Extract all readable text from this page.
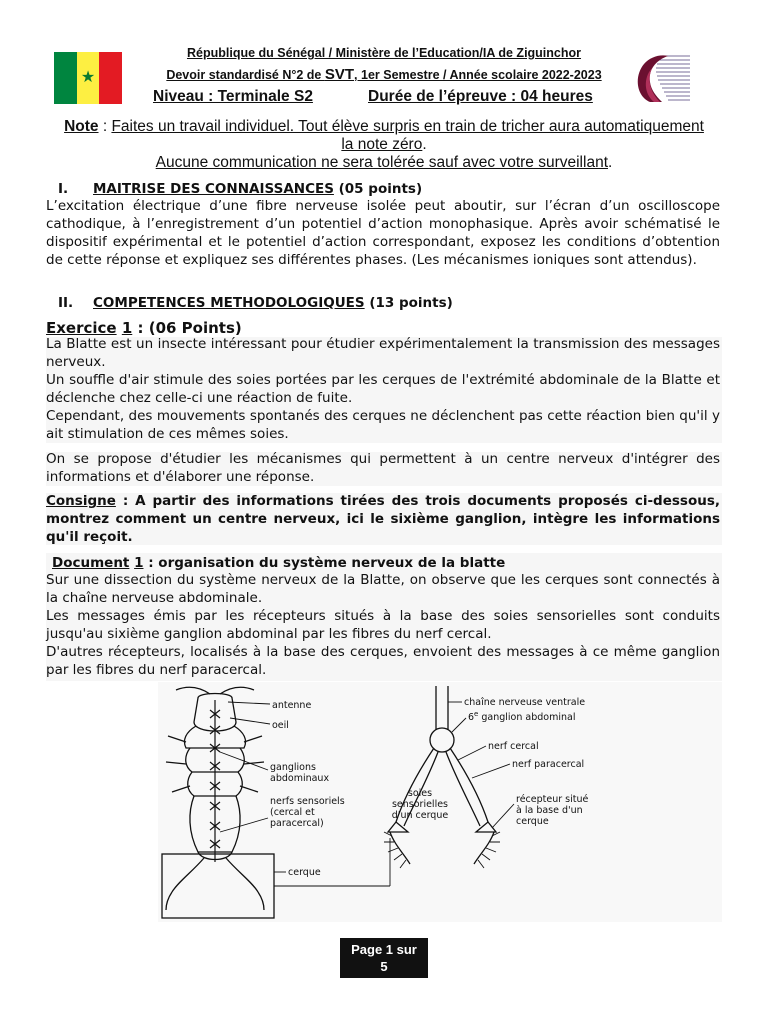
★
République du Sénégal / Ministère de l’Education/IA de Ziguinchor
Devoir standardisé N°2 de SVT, 1er Semestre / Année scolaire 2022-2023
Niveau : Terminale S2	Durée de l’épreuve : 04 heures
Note : Faites un travail individuel. Tout élève surpris en train de tricher aura automatiquement la note zéro.
Aucune communication ne sera tolérée sauf avec votre surveillant.
I. MAITRISE DES CONNAISSANCES (05 points)
L’excitation électrique d’une fibre nerveuse isolée peut aboutir, sur l’écran d’un oscilloscope cathodique, à l’enregistrement d’un potentiel d’action monophasique. Après avoir schématisé le dispositif expérimental et le potentiel d’action correspondant, exposez les conditions d’obtention de cette réponse et expliquez ses différentes phases. (Les mécanismes ioniques sont attendus).
II. COMPETENCES METHODOLOGIQUES (13 points)
Exercice 1 : (06 Points)
La Blatte est un insecte intéressant pour étudier expérimentalement la transmission des messages nerveux.
Un souffle d'air stimule des soies portées par les cerques de l'extrémité abdominale de la Blatte et déclenche chez celle-ci une réaction de fuite.
Cependant, des mouvements spontanés des cerques ne déclenchent pas cette réaction bien qu'il y ait stimulation de ces mêmes soies.
On se propose d'étudier les mécanismes qui permettent à un centre nerveux d'intégrer des informations et d'élaborer une réponse.
Consigne : A partir des informations tirées des trois documents proposés ci-dessous, montrez comment un centre nerveux, ici le sixième ganglion, intègre les informations qu'il reçoit.
Document 1 : organisation du système nerveux de la blatte
Sur une dissection du système nerveux de la Blatte, on observe que les cerques sont connectés à la chaîne nerveuse abdominale.
Les messages émis par les récepteurs situés à la base des soies sensorielles sont conduits jusqu'au sixième ganglion abdominal par les fibres du nerf cercal.
D'autres récepteurs, localisés à la base des cerques, envoient des messages à ce même ganglion par les fibres du nerf paracercal.
antenne
oeil
ganglions
abdominaux
nerfs sensoriels
(cercal et
paracercal)
cerque
chaîne nerveuse ventrale
6e ganglion abdominal
nerf cercal
nerf paracercal
soies
sensorielles
d'un cerque
récepteur situé
à la base d'un
cerque
Page 1 sur
5
